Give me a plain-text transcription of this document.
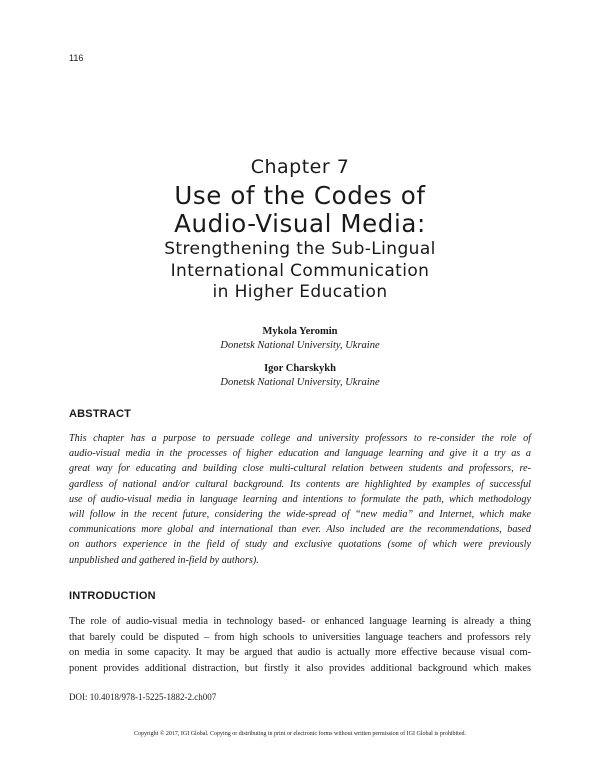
116
Chapter 7
Use of the Codes of
Audio-Visual Media:
Strengthening the Sub-Lingual
International Communication
in Higher Education
Mykola Yeromin
Donetsk National University, Ukraine
Igor Charskykh
Donetsk National University, Ukraine
ABSTRACT
This chapter has a purpose to persuade college and university professors to re-consider the role of
audio-visual media in the processes of higher education and language learning and give it a try as a
great way for educating and building close multi-cultural relation between students and professors, re-
gardless of national and/or cultural background. Its contents are highlighted by examples of successful
use of audio-visual media in language learning and intentions to formulate the path, which methodology
will follow in the recent future, considering the wide-spread of “new media” and Internet, which make
communications more global and international than ever. Also included are the recommendations, based
on authors experience in the field of study and exclusive quotations (some of which were previously
unpublished and gathered in-field by authors).
INTRODUCTION
The role of audio-visual media in technology based- or enhanced language learning is already a thing
that barely could be disputed – from high schools to universities language teachers and professors rely
on media in some capacity. It may be argued that audio is actually more effective because visual com-
ponent provides additional distraction, but firstly it also provides additional background which makes
DOI: 10.4018/978-1-5225-1882-2.ch007
Copyright © 2017, IGI Global. Copying or distributing in print or electronic forms without written permission of IGI Global is prohibited.
